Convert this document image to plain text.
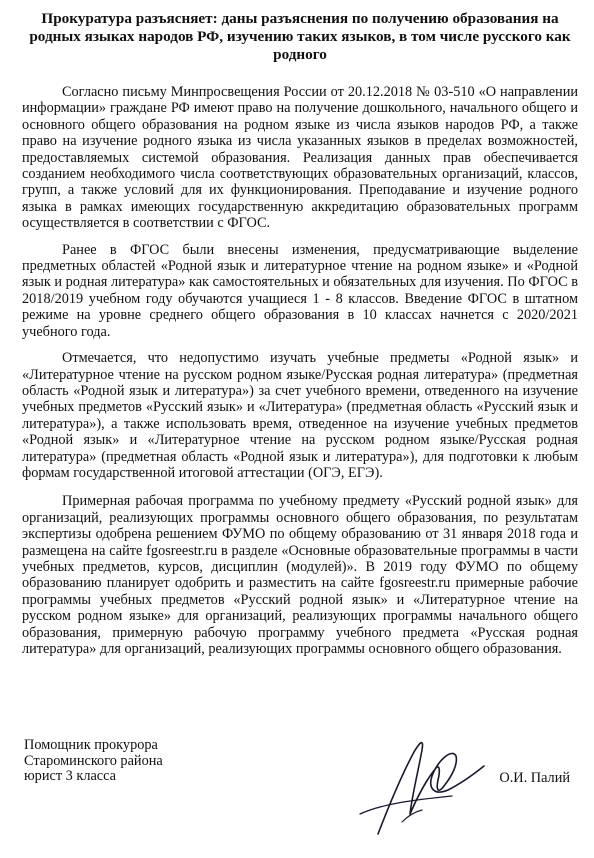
Прокуратура разъясняет: даны разъяснения по получению образования на родных языках народов РФ, изучению таких языков, в том числе русского как родного

Согласно письму Минпросвещения России от 20.12.2018 № 03-510 «О направлении информации» граждане РФ имеют право на получение дошкольного, начального общего и основного общего образования на родном языке из числа языков народов РФ, а также право на изучение родного языка из числа указанных языков в пределах возможностей, предоставляемых системой образования. Реализация данных прав обеспечивается созданием необходимого числа соответствующих образовательных организаций, классов, групп, а также условий для их функционирования. Преподавание и изучение родного языка в рамках имеющих государственную аккредитацию образовательных программ осуществляется в соответствии с ФГОС.

Ранее в ФГОС были внесены изменения, предусматривающие выделение предметных областей «Родной язык и литературное чтение на родном языке» и «Родной язык и родная литература» как самостоятельных и обязательных для изучения. По ФГОС в 2018/2019 учебном году обучаются учащиеся 1 - 8 классов. Введение ФГОС в штатном режиме на уровне среднего общего образования в 10 классах начнется с 2020/2021 учебного года.

Отмечается, что недопустимо изучать учебные предметы «Родной язык» и «Литературное чтение на русском родном языке/Русская родная литература» (предметная область «Родной язык и литература») за счет учебного времени, отведенного на изучение учебных предметов «Русский язык» и «Литература» (предметная область «Русский язык и литература»), а также использовать время, отведенное на изучение учебных предметов «Родной язык» и «Литературное чтение на русском родном языке/Русская родная литература» (предметная область «Родной язык и литература»), для подготовки к любым формам государственной итоговой аттестации (ОГЭ, ЕГЭ).

Примерная рабочая программа по учебному предмету «Русский родной язык» для организаций, реализующих программы основного общего образования, по результатам экспертизы одобрена решением ФУМО по общему образованию от 31 января 2018 года и размещена на сайте fgosreestr.ru в разделе «Основные образовательные программы в части учебных предметов, курсов, дисциплин (модулей)». В 2019 году ФУМО по общему образованию планирует одобрить и разместить на сайте fgosreestr.ru примерные рабочие программы учебных предметов «Русский родной язык» и «Литературное чтение на русском родном языке» для организаций, реализующих программы начального общего образования, примерную рабочую программу учебного предмета «Русская родная литература» для организаций, реализующих программы основного общего образования.

Помощник прокурора
Староминского района
юрист 3 класса	О.И. Палий
